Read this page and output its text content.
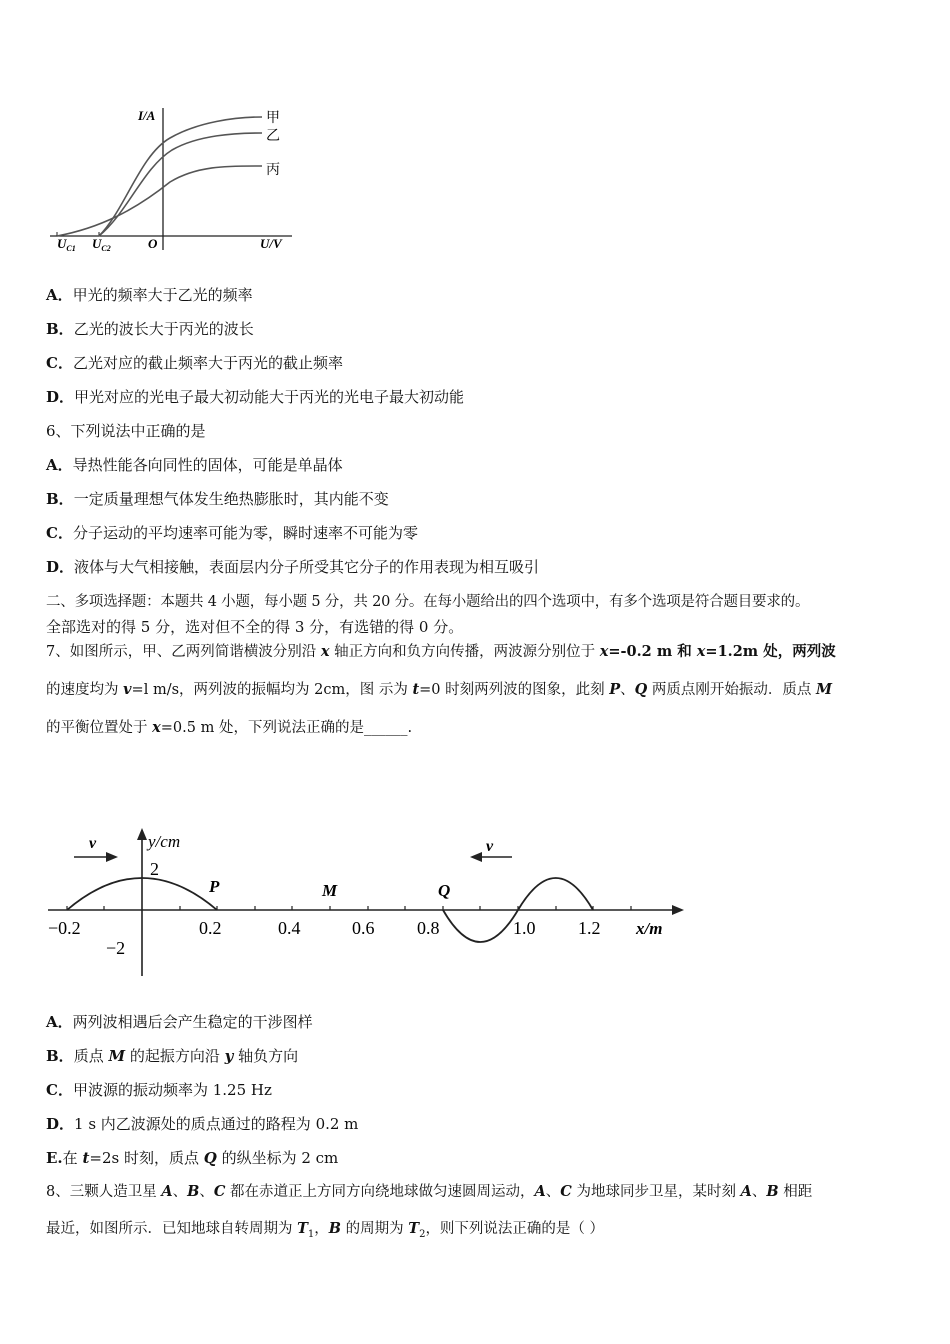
I/A	甲
乙
丙
$U_{C1}$ $U_{C2}$	O	U/V
A．甲光的频率大于乙光的频率
B．乙光的波长大于丙光的波长
C．乙光对应的截止频率大于丙光的截止频率
D．甲光对应的光电子最大初动能大于丙光的光电子最大初动能
6、下列说法中正确的是
A．导热性能各向同性的固体，可能是单晶体
B．一定质量理想气体发生绝热膨胀时，其内能不变
C．分子运动的平均速率可能为零，瞬时速率不可能为零
D．液体与大气相接触，表面层内分子所受其它分子的作用表现为相互吸引
二、多项选择题：本题共 4 小题，每小题 5 分，共 20 分。在每小题给出的四个选项中，有多个选项是符合题目要求的。
全部选对的得 5 分，选对但不全的得 3 分，有选错的得 0 分。
7、如图所示，甲、乙两列简谐横波分别沿 x 轴正方向和负方向传播，两波源分别位于 x=-0.2 m 和 x=1.2m 处，两列波
的速度均为 v=l m/s，两列波的振幅均为 2cm，图 示为 t=0 时刻两列波的图象，此刻 P、Q 两质点刚开始振动．质点 M
的平衡位置处于 x=0.5 m 处，下列说法正确的是______.
v	v
y/cm
2
−2
P	M	Q
−0.2	0.2	0.4	0.6 0.8	1.0 1.2 x/m
A．两列波相遇后会产生稳定的干涉图样
B．质点 M 的起振方向沿 y 轴负方向
C．甲波源的振动频率为 1.25 Hz
D．1 s 内乙波源处的质点通过的路程为 0.2 m
E.在 t=2s 时刻，质点 Q 的纵坐标为 2 cm
8、三颗人造卫星 A、B、C 都在赤道正上方同方向绕地球做匀速圆周运动，A、C 为地球同步卫星，某时刻 A、B 相距
最近，如图所示．已知地球自转周期为 $T_1$，B 的周期为 $T_2$，则下列说法正确的是（ ）
